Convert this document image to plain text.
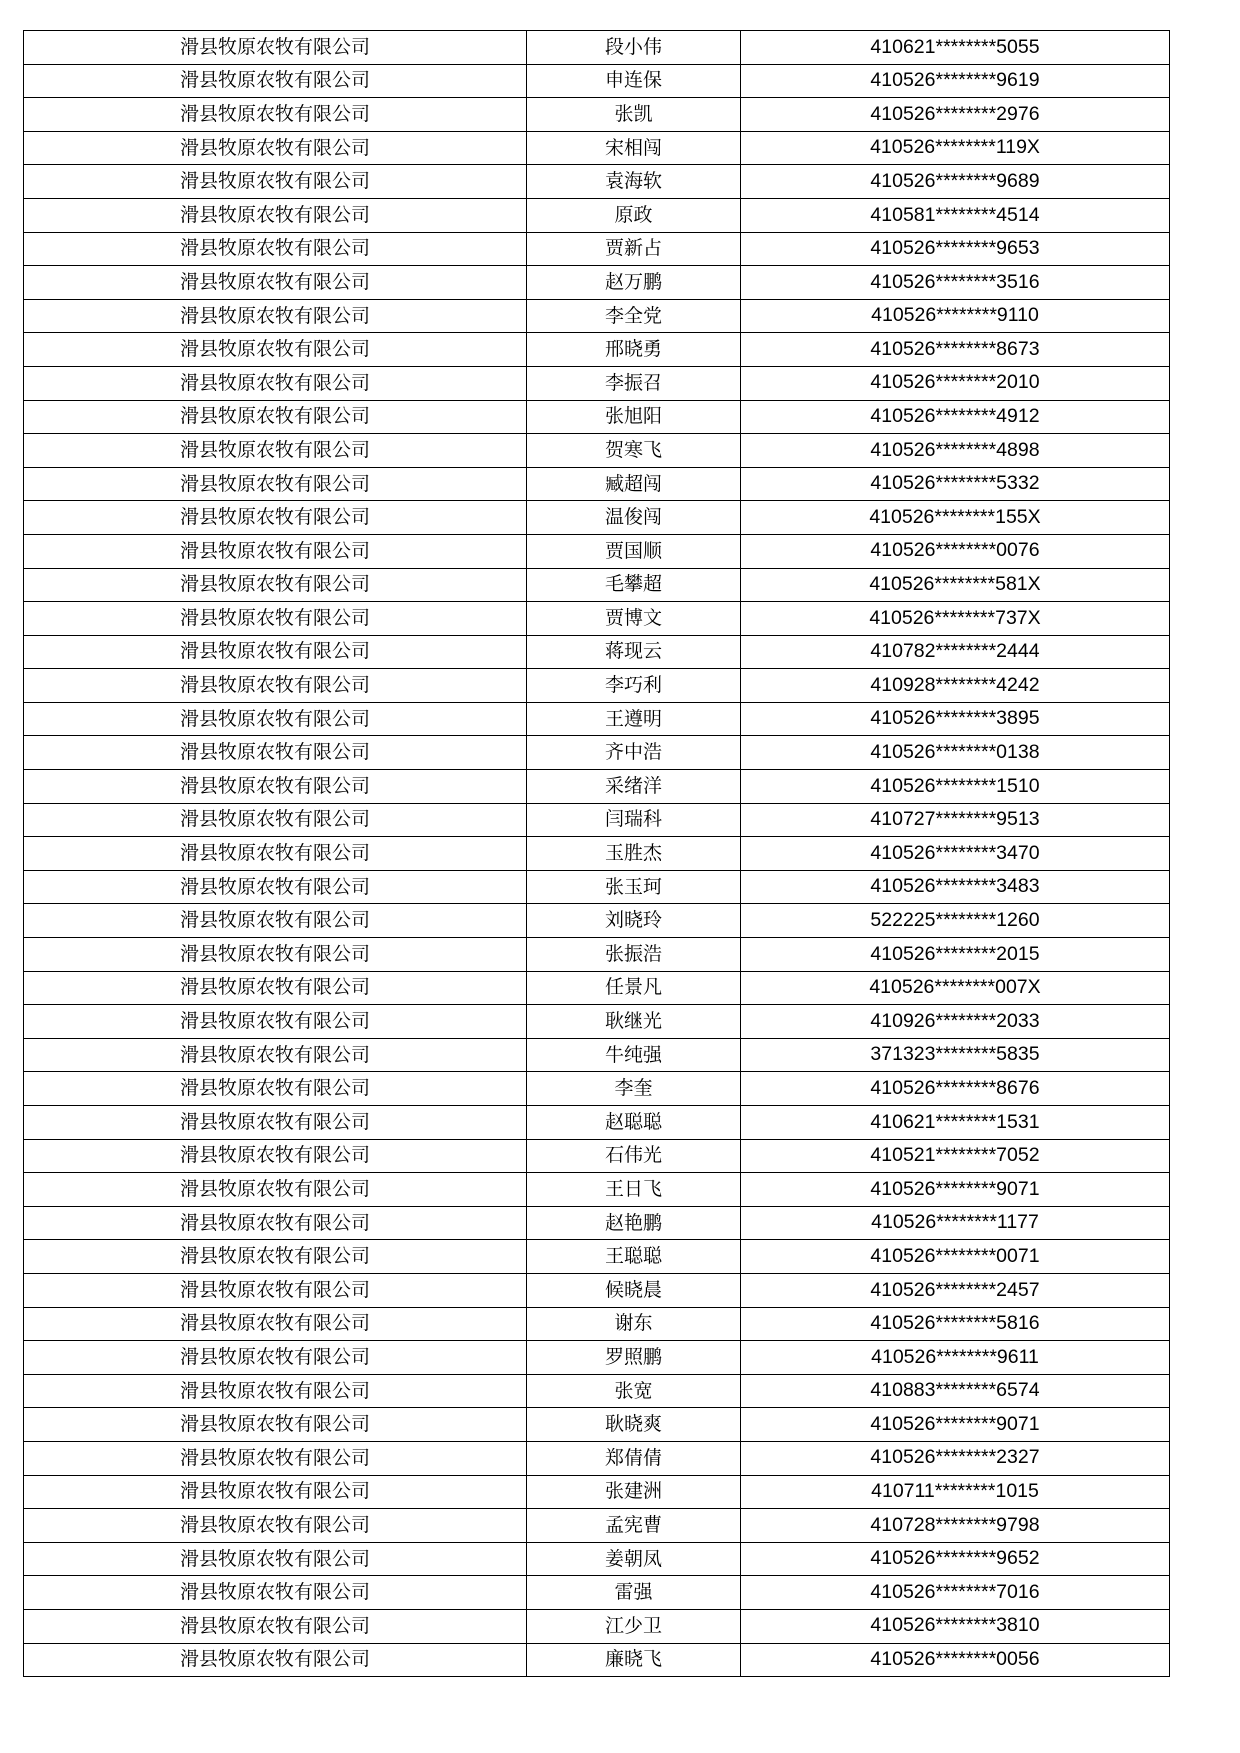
滑县牧原农牧有限公司	段小伟	410621********5055
滑县牧原农牧有限公司	申连保	410526********9619
滑县牧原农牧有限公司	张凯	410526********2976
滑县牧原农牧有限公司	宋相闯	410526********119X
滑县牧原农牧有限公司	袁海软	410526********9689
滑县牧原农牧有限公司	原政	410581********4514
滑县牧原农牧有限公司	贾新占	410526********9653
滑县牧原农牧有限公司	赵万鹏	410526********3516
滑县牧原农牧有限公司	李全党	410526********9110
滑县牧原农牧有限公司	邢晓勇	410526********8673
滑县牧原农牧有限公司	李振召	410526********2010
滑县牧原农牧有限公司	张旭阳	410526********4912
滑县牧原农牧有限公司	贺寒飞	410526********4898
滑县牧原农牧有限公司	臧超闯	410526********5332
滑县牧原农牧有限公司	温俊闯	410526********155X
滑县牧原农牧有限公司	贾国顺	410526********0076
滑县牧原农牧有限公司	毛攀超	410526********581X
滑县牧原农牧有限公司	贾博文	410526********737X
滑县牧原农牧有限公司	蒋现云	410782********2444
滑县牧原农牧有限公司	李巧利	410928********4242
滑县牧原农牧有限公司	王遵明	410526********3895
滑县牧原农牧有限公司	齐中浩	410526********0138
滑县牧原农牧有限公司	采绪洋	410526********1510
滑县牧原农牧有限公司	闫瑞科	410727********9513
滑县牧原农牧有限公司	玉胜杰	410526********3470
滑县牧原农牧有限公司	张玉珂	410526********3483
滑县牧原农牧有限公司	刘晓玲	522225********1260
滑县牧原农牧有限公司	张振浩	410526********2015
滑县牧原农牧有限公司	任景凡	410526********007X
滑县牧原农牧有限公司	耿继光	410926********2033
滑县牧原农牧有限公司	牛纯强	371323********5835
滑县牧原农牧有限公司	李奎	410526********8676
滑县牧原农牧有限公司	赵聪聪	410621********1531
滑县牧原农牧有限公司	石伟光	410521********7052
滑县牧原农牧有限公司	王日飞	410526********9071
滑县牧原农牧有限公司	赵艳鹏	410526********1177
滑县牧原农牧有限公司	王聪聪	410526********0071
滑县牧原农牧有限公司	候晓晨	410526********2457
滑县牧原农牧有限公司	谢东	410526********5816
滑县牧原农牧有限公司	罗照鹏	410526********9611
滑县牧原农牧有限公司	张宽	410883********6574
滑县牧原农牧有限公司	耿晓爽	410526********9071
滑县牧原农牧有限公司	郑倩倩	410526********2327
滑县牧原农牧有限公司	张建洲	410711********1015
滑县牧原农牧有限公司	孟宪曹	410728********9798
滑县牧原农牧有限公司	姜朝凤	410526********9652
滑县牧原农牧有限公司	雷强	410526********7016
滑县牧原农牧有限公司	江少卫	410526********3810
滑县牧原农牧有限公司	廉晓飞	410526********0056
